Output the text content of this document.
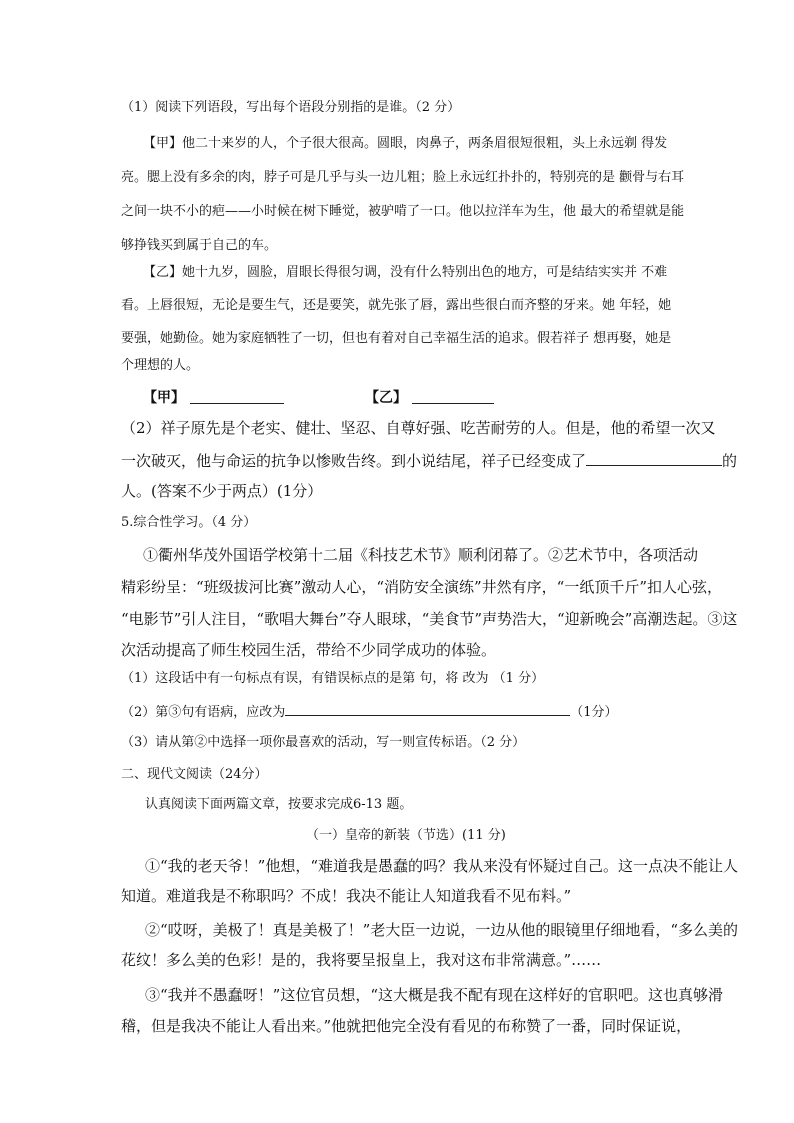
（1）阅读下列语段，写出每个语段分别指的是谁。（2 分）
【甲】他二十来岁的人，个子很大很高。圆眼，肉鼻子，两条眉很短很粗，头上永远剃 得发
亮。腮上没有多余的肉，脖子可是几乎与头一边儿粗；脸上永远红扑扑的，特别亮的是 颧骨与右耳
之间一块不小的疤——小时候在树下睡觉，被驴啃了一口。他以拉洋车为生，他 最大的希望就是能
够挣钱买到属于自己的车。
【乙】她十九岁，圆脸，眉眼长得很匀调，没有什么特别出色的地方，可是结结实实并 不难
看。上唇很短，无论是要生气，还是要笑，就先张了唇，露出些很白而齐整的牙来。她 年轻，她
要强，她勤俭。她为家庭牺牲了一切，但也有着对自己幸福生活的追求。假若祥子 想再娶，她是
个理想的人。
【甲】	【乙】
（2）祥子原先是个老实、健壮、坚忍、自尊好强、吃苦耐劳的人。但是，他的希望一次又
一次破灭，他与命运的抗争以惨败告终。到小说结尾，祥子已经变成了	的
人。(答案不少于两点）(1分）
5.综合性学习。（4 分）
①衢州华茂外国语学校第十二届《科技艺术节》顺利闭幕了。②艺术节中，各项活动
精彩纷呈：“班级拔河比赛”激动人心，“消防安全演练”井然有序，“一纸顶千斤”扣人心弦，
“电影节”引人注目，“歌唱大舞台”夺人眼球，“美食节”声势浩大，“迎新晚会”高潮迭起。③这
次活动提高了师生校园生活，带给不少同学成功的体验。
（1）这段话中有一句标点有误，有错误标点的是第 句，将 改为 （1 分）
（2）第③句有语病，应改为	（1分）
（3）请从第②中选择一项你最喜欢的活动，写一则宣传标语。（2 分）
二、现代文阅读（24分）
认真阅读下面两篇文章，按要求完成6-13 题。
（一）皇帝的新装（节选）(11 分)
①“我的老天爷！”他想，“难道我是愚蠢的吗？我从来没有怀疑过自己。这一点决不能让人
知道。难道我是不称职吗？不成！我决不能让人知道我看不见布料。”
②“哎呀，美极了！真是美极了！”老大臣一边说，一边从他的眼镜里仔细地看，“多么美的
花纹！多么美的色彩！是的，我将要呈报皇上，我对这布非常满意。”……
③“我并不愚蠢呀！”这位官员想，“这大概是我不配有现在这样好的官职吧。这也真够滑
稽，但是我决不能让人看出来。”他就把他完全没有看见的布称赞了一番，同时保证说，
